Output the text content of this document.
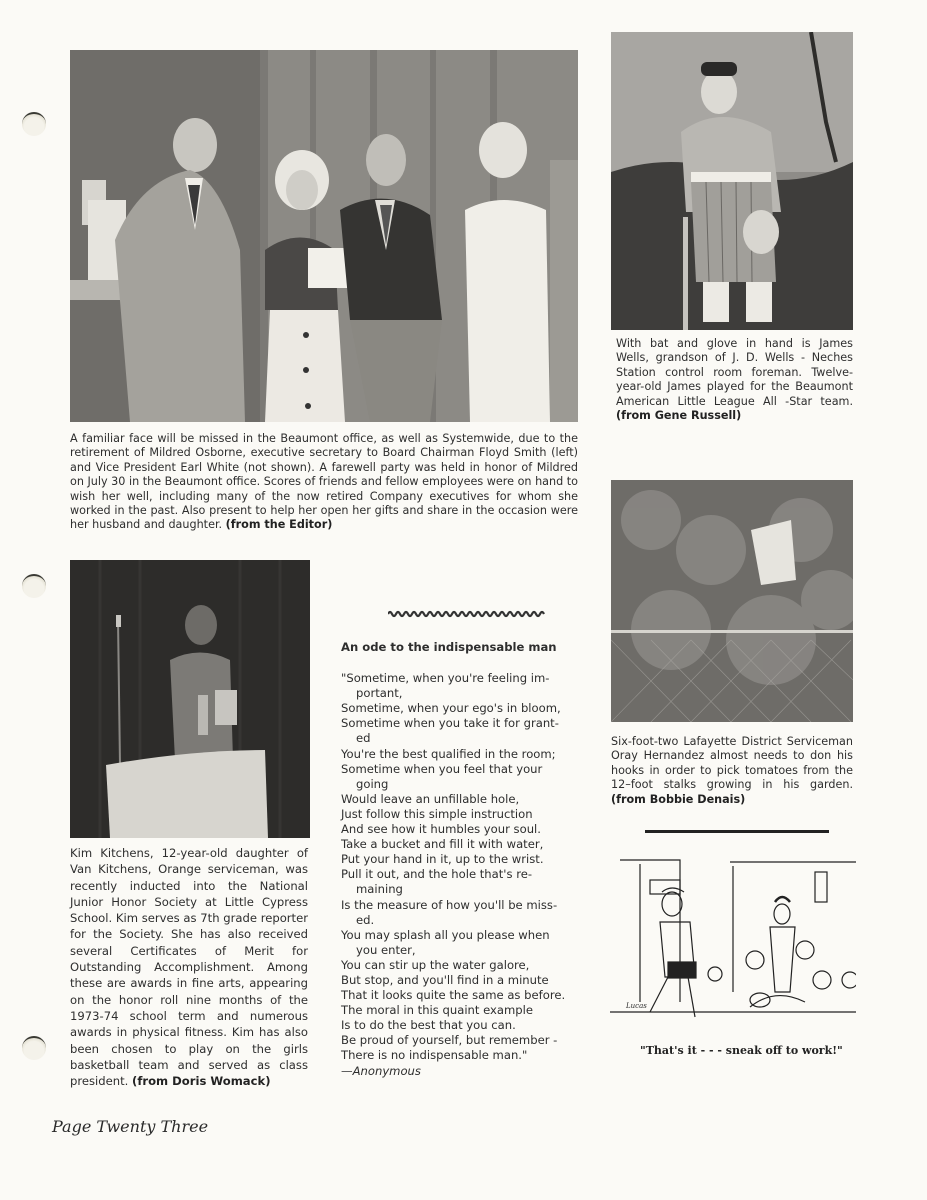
A familiar face will be missed in the Beaumont office, as well as Systemwide, due to the retirement of Mildred Osborne, executive secretary to Board Chairman Floyd Smith (left) and Vice President Earl White (not shown). A farewell party was held in honor of Mildred on July 30 in the Beaumont office. Scores of friends and fellow employees were on hand to wish her well, including many of the now retired Company executives for whom she worked in the past. Also present to help her open her gifts and share in the occasion were her husband and daughter. (from the Editor)
With bat and glove in hand is James Wells, grandson of J. D. Wells - Neches Station control room foreman. Twelve-year-old James played for the Beaumont American Little League All -Star team. (from Gene Russell)
Six-foot-two Lafayette District Serviceman Oray Hernandez almost needs to don his hooks in order to pick tomatoes from the 12–foot stalks growing in his garden. (from Bobbie Denais)
Kim Kitchens, 12-year-old daughter of Van Kitchens, Orange serviceman, was recently inducted into the National Junior Honor Society at Little Cypress School. Kim serves as 7th grade reporter for the Society. She has also received several Certificates of Merit for Outstanding Accomplishment. Among these are awards in fine arts, appearing on the honor roll nine months of the 1973-74 school term and numerous awards in physical fitness. Kim has also been chosen to play on the girls basketball team and served as class president. (from Doris Womack)
An ode to the indispensable man
"Sometime, when you're feeling im-
portant,
Sometime, when your ego's in bloom,
Sometime when you take it for grant-
ed
You're the best qualified in the room;
Sometime when you feel that your
going
Would leave an unfillable hole,
Just follow this simple instruction
And see how it humbles your soul.
Take a bucket and fill it with water,
Put your hand in it, up to the wrist.
Pull it out, and the hole that's re-
maining
Is the measure of how you'll be miss-
ed.
You may splash all you please when
you enter,
You can stir up the water galore,
But stop, and you'll find in a minute
That it looks quite the same as before.
The moral in this quaint example
Is to do the best that you can.
Be proud of yourself, but remember -
There is no indispensable man."
—Anonymous
Lucas
"That's it - - - sneak off to work!"
Page Twenty Three
